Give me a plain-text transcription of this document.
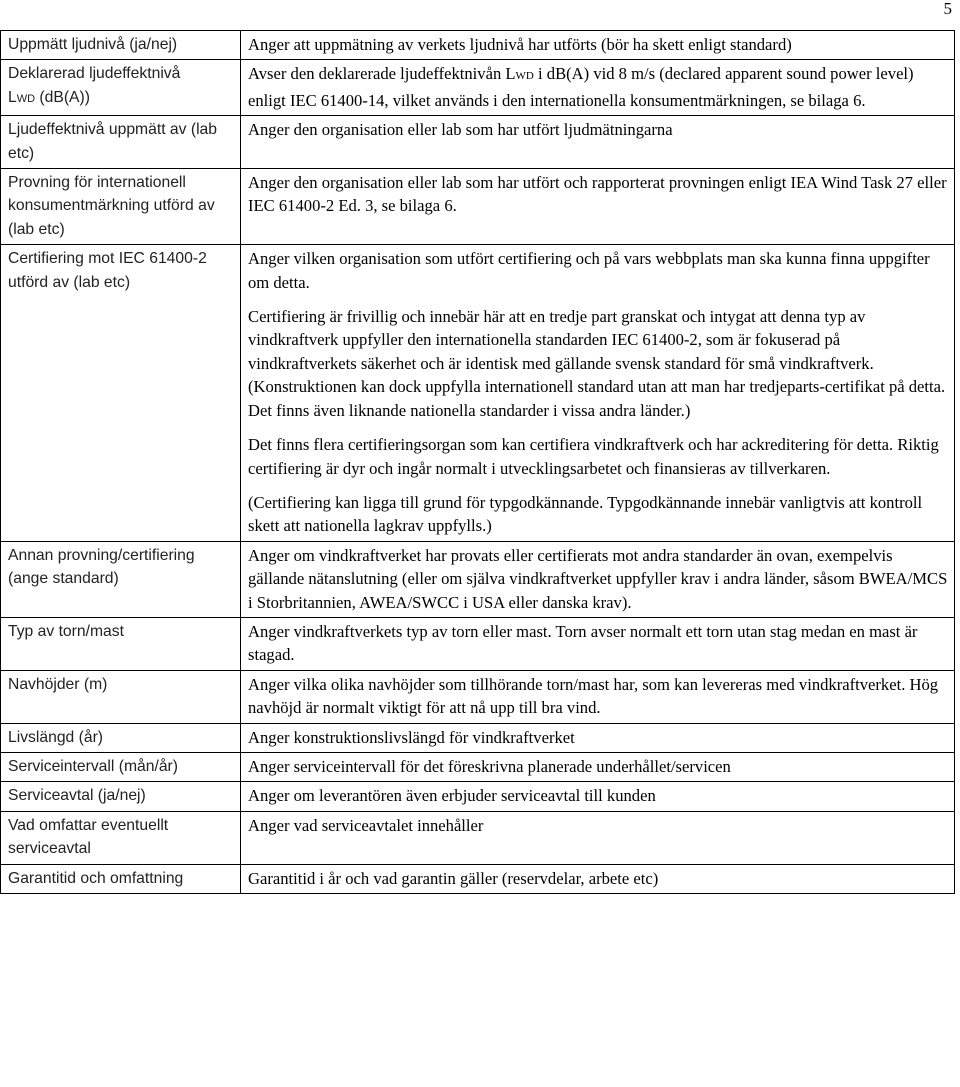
5
Uppmätt ljudnivå (ja/nej)	Anger att uppmätning av verkets ljudnivå har utförts (bör ha skett enligt standard)

Deklarerad ljudeffektnivå
LWD (dB(A))	Avser den deklarerade ljudeffektnivån LWD i dB(A) vid 8 m/s (declared apparent sound power level) enligt IEC 61400-14, vilket används i den internationella konsumentmärkningen, se bilaga 6.

Ljudeffektnivå uppmätt av (lab etc)	Anger den organisation eller lab som har utfört ljudmätningarna

Provning för internationell konsumentmärkning utförd av (lab etc)	Anger den organisation eller lab som har utfört och rapporterat provningen enligt IEA Wind Task 27 eller IEC 61400-2 Ed. 3, se bilaga 6.

Certifiering mot IEC 61400-2 utförd av (lab etc)	Anger vilken organisation som utfört certifiering och på vars webbplats man ska kunna finna uppgifter om detta.

Certifiering är frivillig och innebär här att en tredje part granskat och intygat att denna typ av vindkraftverk uppfyller den internationella standarden IEC 61400-2, som är fokuserad på vindkraftverkets säkerhet och är identisk med gällande svensk standard för små vindkraftverk. (Konstruktionen kan dock uppfylla internationell standard utan att man har tredjeparts-certifikat på detta. Det finns även liknande nationella standarder i vissa andra länder.)

Det finns flera certifieringsorgan som kan certifiera vindkraftverk och har ackreditering för detta. Riktig certifiering är dyr och ingår normalt i utvecklingsarbetet och finansieras av tillverkaren.

(Certifiering kan ligga till grund för typgodkännande. Typgodkännande innebär vanligtvis att kontroll skett att nationella lagkrav uppfylls.)

Annan provning/certifiering (ange standard)	Anger om vindkraftverket har provats eller certifierats mot andra standarder än ovan, exempelvis gällande nätanslutning (eller om själva vindkraftverket uppfyller krav i andra länder, såsom BWEA/MCS i Storbritannien, AWEA/SWCC i USA eller danska krav).

Typ av torn/mast	Anger vindkraftverkets typ av torn eller mast. Torn avser normalt ett torn utan stag medan en mast är stagad.

Navhöjder (m)	Anger vilka olika navhöjder som tillhörande torn/mast har, som kan levereras med vindkraftverket. Hög navhöjd är normalt viktigt för att nå upp till bra vind.

Livslängd (år)	Anger konstruktionslivslängd för vindkraftverket

Serviceintervall (mån/år)	Anger serviceintervall för det föreskrivna planerade underhållet/servicen

Serviceavtal (ja/nej)	Anger om leverantören även erbjuder serviceavtal till kunden

Vad omfattar eventuellt serviceavtal	Anger vad serviceavtalet innehåller

Garantitid och omfattning	Garantitid i år och vad garantin gäller (reservdelar, arbete etc)
